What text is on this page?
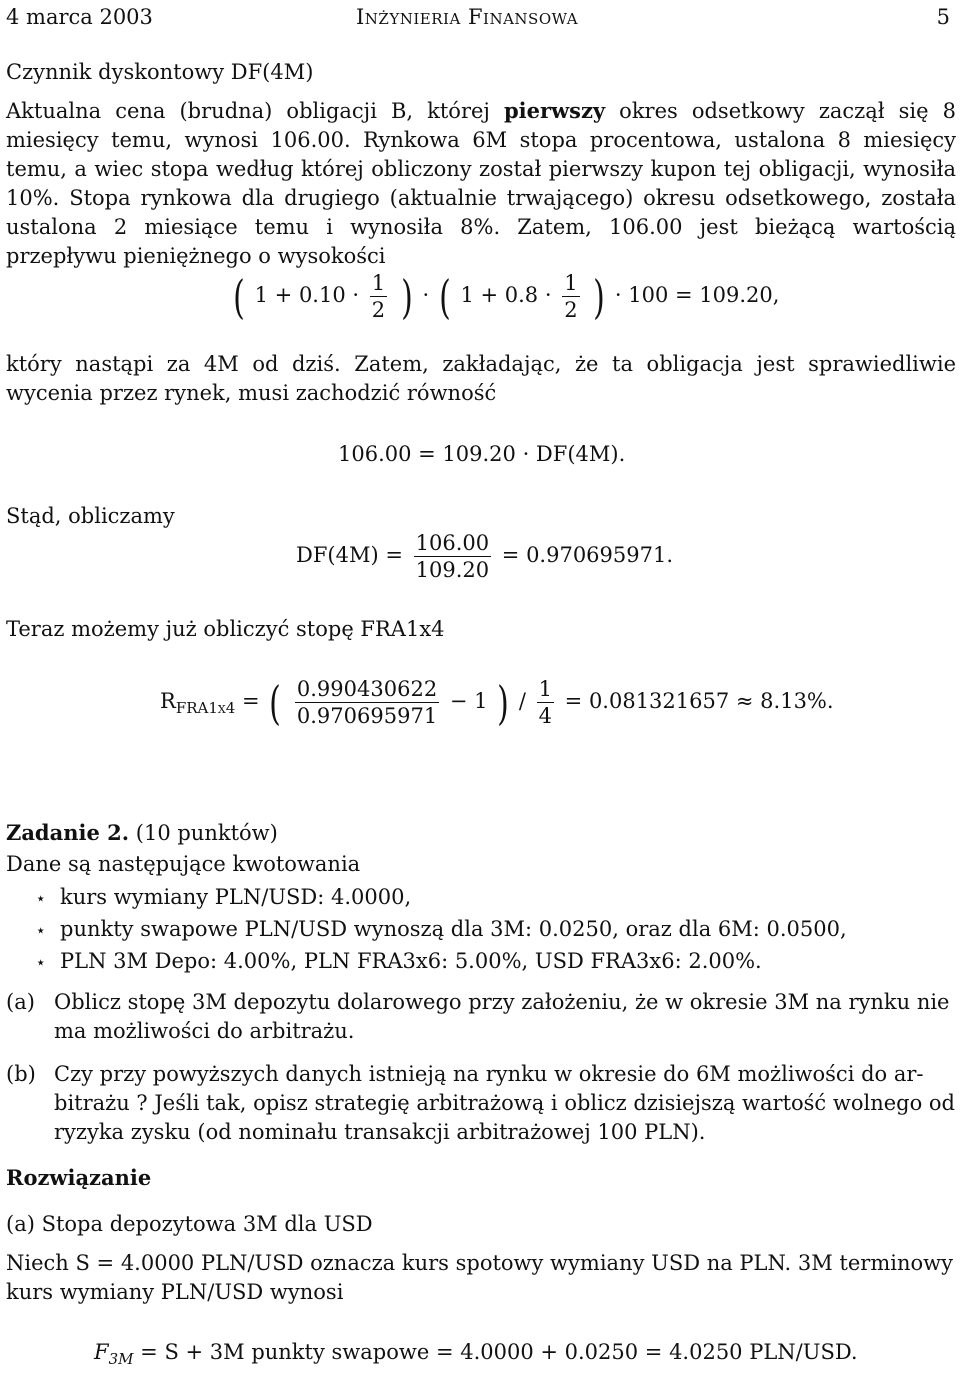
4 marca 2003	Inżynieria Finansowa	5
Czynnik dyskontowy DF(4M)
Aktualna cena (brudna) obligacji B, której pierwszy okres odsetkowy zaczął się 8 miesięcy temu, wynosi 106.00. Rynkowa 6M stopa procentowa, ustalona 8 miesięcy temu, a wiec stopa według której obliczony został pierwszy kupon tej obligacji, wynosiła 10%. Stopa rynkowa dla drugiego (aktualnie trwającego) okresu odsetkowego, została ustalona 2 miesiące temu i wynosiła 8%. Zatem, 106.00 jest bieżącą wartością przepływu pieniężnego o wysokości
( $1 + 0.10 \cdot \frac{1}{2}$ ) · ( $1 + 0.8 \cdot \frac{1}{2}$ ) · 100 = 109.20,
który nastąpi za 4M od dziś. Zatem, zakładając, że ta obligacja jest sprawiedliwie wycenia przez rynek, musi zachodzić równość
106.00 = 109.20 · DF(4M).
Stąd, obliczamy
$DF(4M) = \frac{106.00}{109.20} = 0.970695971$.
Teraz możemy już obliczyć stopę FRA1x4
$R_{FRA1x4}$ = ( $\frac{0.990430622}{0.970695971} - 1$ ) / $\frac{1}{4} = 0.081321657 \approx 8.13\%$.
Zadanie 2. (10 punktów)
Dane są następujące kwotowania
⋆ kurs wymiany PLN/USD: 4.0000,
⋆ punkty swapowe PLN/USD wynoszą dla 3M: 0.0250, oraz dla 6M: 0.0500,
⋆ PLN 3M Depo: 4.00%, PLN FRA3x6: 5.00%, USD FRA3x6: 2.00%.
(a) Oblicz stopę 3M depozytu dolarowego przy założeniu, że w okresie 3M na rynku nie
ma możliwości do arbitrażu.
(b) Czy przy powyższych danych istnieją na rynku w okresie do 6M możliwości do ar-
bitrażu ? Jeśli tak, opisz strategię arbitrażową i oblicz dzisiejszą wartość wolnego od
ryzyka zysku (od nominału transakcji arbitrażowej 100 PLN).
Rozwiązanie
(a) Stopa depozytowa 3M dla USD
Niech S = 4.0000 PLN/USD oznacza kurs spotowy wymiany USD na PLN. 3M terminowy
kurs wymiany PLN/USD wynosi
$F_{3M} = S + 3M$ punkty swapowe = 4.0000 + 0.0250 = 4.0250 PLN/USD.
